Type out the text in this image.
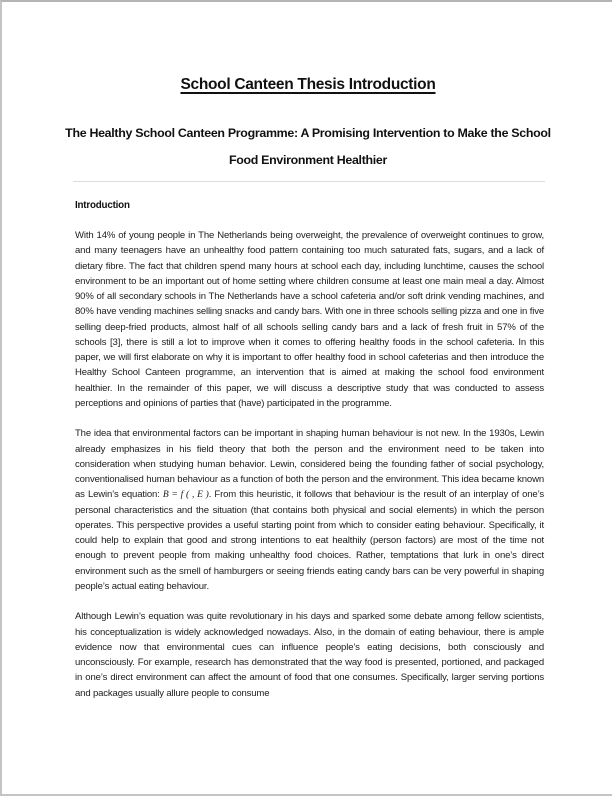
School Canteen Thesis Introduction
The Healthy School Canteen Programme: A Promising Intervention to Make the School Food Environment Healthier
Introduction

With 14% of young people in The Netherlands being overweight, the prevalence of overweight continues to grow, and many teenagers have an unhealthy food pattern containing too much saturated fats, sugars, and a lack of dietary fibre. The fact that children spend many hours at school each day, including lunchtime, causes the school environment to be an important out of home setting where children consume at least one main meal a day. Almost 90% of all secondary schools in The Netherlands have a school cafeteria and/or soft drink vending machines, and 80% have vending machines selling snacks and candy bars. With one in three schools selling pizza and one in five selling deep-fried products, almost half of all schools selling candy bars and a lack of fresh fruit in 57% of the schools [3], there is still a lot to improve when it comes to offering healthy foods in the school cafeteria. In this paper, we will first elaborate on why it is important to offer healthy food in school cafeterias and then introduce the Healthy School Canteen programme, an intervention that is aimed at making the school food environment healthier. In the remainder of this paper, we will discuss a descriptive study that was conducted to assess perceptions and opinions of parties that (have) participated in the programme.

The idea that environmental factors can be important in shaping human behaviour is not new. In the 1930s, Lewin already emphasizes in his field theory that both the person and the environment need to be taken into consideration when studying human behavior. Lewin, considered being the founding father of social psychology, conventionalised human behaviour as a function of both the person and the environment. This idea became known as Lewin’s equation: B = f ( , E ). From this heuristic, it follows that behaviour is the result of an interplay of one’s personal characteristics and the situation (that contains both physical and social elements) in which the person operates. This perspective provides a useful starting point from which to consider eating behaviour. Specifically, it could help to explain that good and strong intentions to eat healthily (person factors) are most of the time not enough to prevent people from making unhealthy food choices. Rather, temptations that lurk in one’s direct environment such as the smell of hamburgers or seeing friends eating candy bars can be very powerful in shaping people’s actual eating behaviour.

Although Lewin’s equation was quite revolutionary in his days and sparked some debate among fellow scientists, his conceptualization is widely acknowledged nowadays. Also, in the domain of eating behaviour, there is ample evidence now that environmental cues can influence people’s eating decisions, both consciously and unconsciously. For example, research has demonstrated that the way food is presented, portioned, and packaged in one’s direct environment can affect the amount of food that one consumes. Specifically, larger serving portions and packages usually allure people to consume
